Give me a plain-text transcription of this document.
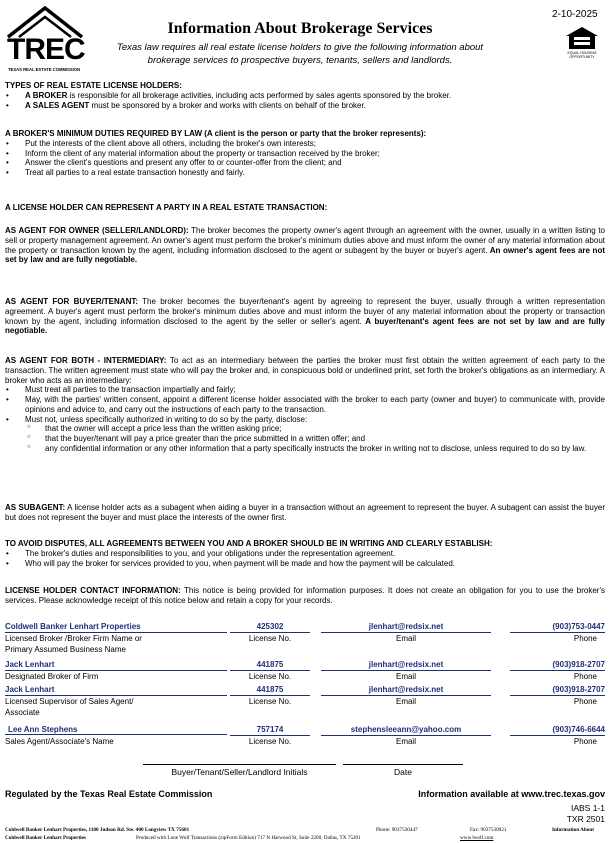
TREC
TEXAS REAL ESTATE COMMISSION
Information About Brokerage Services
Texas law requires all real estate license holders to give the following information about
brokerage services to prospective buyers, tenants, sellers and landlords.
2-10-2025
EQUAL HOUSING OPPORTUNITY

TYPES OF REAL ESTATE LICENSE HOLDERS:

• A BROKER is responsible for all brokerage activities, including acts performed by sales agents sponsored by the broker.
• A SALES AGENT must be sponsored by a broker and works with clients on behalf of the broker.

A BROKER'S MINIMUM DUTIES REQUIRED BY LAW (A client is the person or party that the broker represents):

• Put the interests of the client above all others, including the broker's own interests;
• Inform the client of any material information about the property or transaction received by the broker;
• Answer the client's questions and present any offer to or counter-offer from the client; and
• Treat all parties to a real estate transaction honestly and fairly.
A LICENSE HOLDER CAN REPRESENT A PARTY IN A REAL ESTATE TRANSACTION:

AS AGENT FOR OWNER (SELLER/LANDLORD): The broker becomes the property owner's agent through an agreement with the owner, usually in a written listing to sell or property management agreement. An owner's agent must perform the broker's minimum duties above and must inform the owner of any material information about the property or transaction known by the agent, including information disclosed to the agent or subagent by the buyer or buyer's agent. An owner's agent fees are not set by law and are fully negotiable.

AS AGENT FOR BUYER/TENANT: The broker becomes the buyer/tenant's agent by agreeing to represent the buyer, usually through a written representation agreement. A buyer's agent must perform the broker's minimum duties above and must inform the buyer of any material information about the property or transaction known by the agent, including information disclosed to the agent by the seller or seller's agent. A buyer/tenant's agent fees are not set by law and are fully negotiable.

AS AGENT FOR BOTH - INTERMEDIARY: To act as an intermediary between the parties the broker must first obtain the written agreement of each party to the transaction. The written agreement must state who will pay the broker and, in conspicuous bold or underlined print, set forth the broker's obligations as an intermediary. A broker who acts as an intermediary:

• Must treat all parties to the transaction impartially and fairly;
• May, with the parties' written consent, appoint a different license holder associated with the broker to each party (owner and buyer) to communicate with, provide opinions and advice to, and carry out the instructions of each party to the transaction.
• Must not, unless specifically authorized in writing to do so by the party, disclose:
○ that the owner will accept a price less than the written asking price;
○ that the buyer/tenant will pay a price greater than the price submitted in a written offer; and
○ any confidential information or any other information that a party specifically instructs the broker in writing not to disclose, unless required to do so by law.

AS SUBAGENT: A license holder acts as a subagent when aiding a buyer in a transaction without an agreement to represent the buyer. A subagent can assist the buyer but does not represent the buyer and must place the interests of the owner first.

TO AVOID DISPUTES, ALL AGREEMENTS BETWEEN YOU AND A BROKER SHOULD BE IN WRITING AND CLEARLY ESTABLISH:

• The broker's duties and responsibilities to you, and your obligations under the representation agreement.
• Who will pay the broker for services provided to you, when payment will be made and how the payment will be calculated.

LICENSE HOLDER CONTACT INFORMATION: This notice is being provided for information purposes. It does not create an obligation for you to use the broker's services. Please acknowledge receipt of this notice below and retain a copy for your records.

Coldwell Banker Lenhart Properties	425302	jlenhart@redsix.net	(903)753-0447
Licensed Broker /Broker Firm Name or
Primary Assumed Business Name
License No.	Email	Phone
Jack Lenhart	441875	jlenhart@redsix.net	(903)918-2707
Designated Broker of Firm	License No.	Email	Phone
Jack Lenhart	441875	jlenhart@redsix.net	(903)918-2707
Licensed Supervisor of Sales Agent/
Associate
License No.	Email	Phone
Lee Ann Stephens	757174	stephensleeann@yahoo.com	(903)746-6644
Sales Agent/Associate's Name	License No.	Email	Phone
Buyer/Tenant/Seller/Landlord Initials	Date
Regulated by the Texas Real Estate Commission	Information available at www.trec.texas.gov
IABS 1-1
TXR 2501
Coldwell Banker Lenhart Properties, 1100 Judson Rd. Ste. 400 Longview TX 75601	Phone: 9037530447	Fax: 9037530921	Information About
Coldwell Banker Lenhart Properties	Produced with Lone Wolf Transactions (zipForm Edition) 717 N Harwood St, Suite 2200, Dallas, TX 75201	www.lwolf.com
